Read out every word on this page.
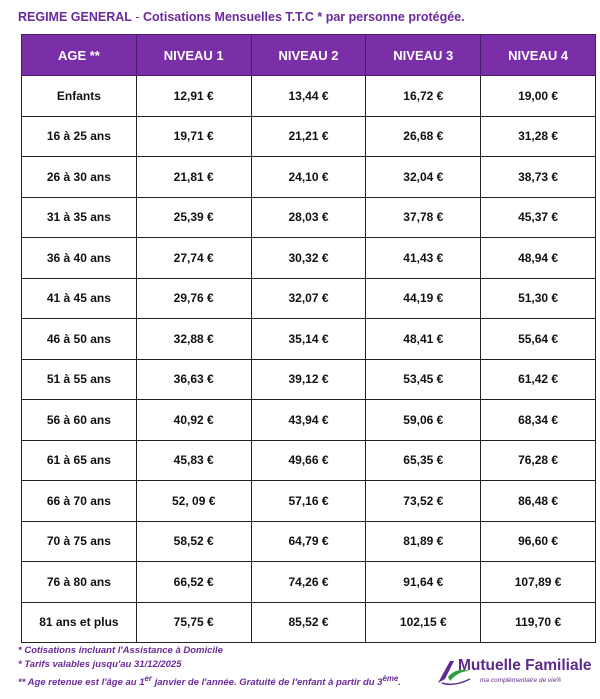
REGIME GENERAL - Cotisations Mensuelles T.T.C * par personne protégée.
AGE **	NIVEAU 1	NIVEAU 2	NIVEAU 3	NIVEAU 4
Enfants	12,91 €	13,44 €	16,72 €	19,00 €
16 à 25 ans	19,71 €	21,21 €	26,68 €	31,28 €
26 à 30 ans	21,81 €	24,10 €	32,04 €	38,73 €
31 à 35 ans	25,39 €	28,03 €	37,78 €	45,37 €
36 à 40 ans	27,74 €	30,32 €	41,43 €	48,94 €
41 à 45 ans	29,76 €	32,07 €	44,19 €	51,30 €
46 à 50 ans	32,88 €	35,14 €	48,41 €	55,64 €
51 à 55 ans	36,63 €	39,12 €	53,45 €	61,42 €
56 à 60 ans	40,92 €	43,94 €	59,06 €	68,34 €
61 à 65 ans	45,83 €	49,66 €	65,35 €	76,28 €
66 à 70 ans	52, 09 €	57,16 €	73,52 €	86,48 €
70 à 75 ans	58,52 €	64,79 €	81,89 €	96,60 €
76 à 80 ans	66,52 €	74,26 €	91,64 €	107,89 €
81 ans et plus	75,75 €	85,52 €	102,15 €	119,70 €
* Cotisations incluant l'Assistance à Domicile
* Tarifs valables jusqu'au 31/12/2025
** Age retenue est l'âge au 1er janvier de l'année. Gratuité de l'enfant à partir du 3ème.
Mutuelle Familiale
ma complémentaire de vie®
